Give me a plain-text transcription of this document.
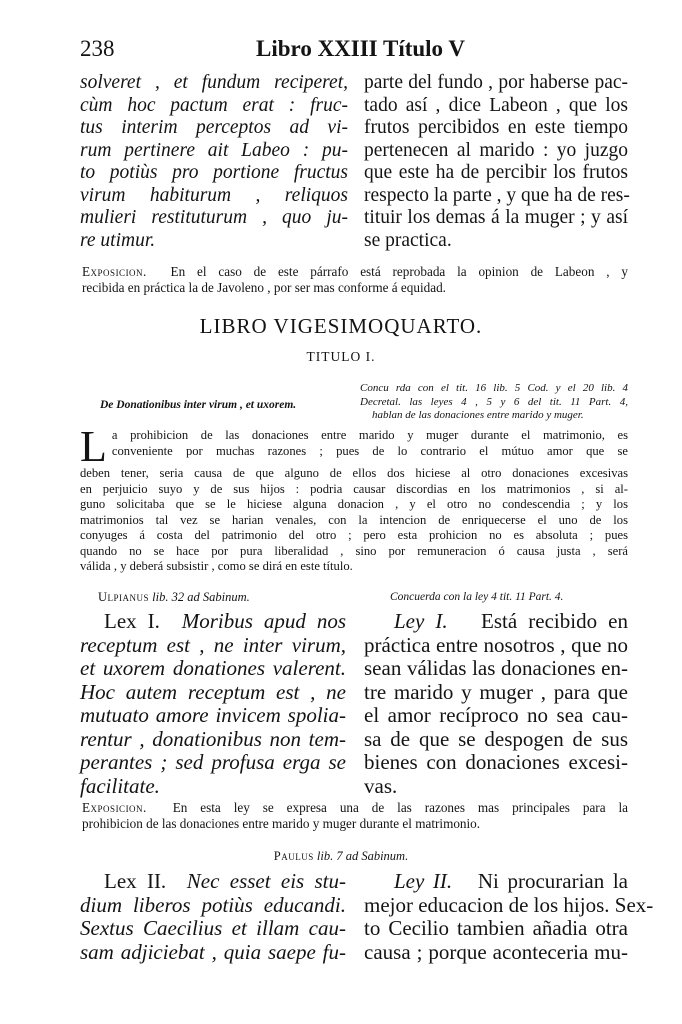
238	Libro XXIII Título V
solveret , et fundum reciperet,
cùm hoc pactum erat : fruc-
tus interim perceptos ad vi-
rum pertinere ait Labeo : pu-
to potiùs pro portione fructus
virum habiturum , reliquos
mulieri restituturum , quo ju-
re utimur.
parte del fundo , por haberse pac-
tado así , dice Labeon , que los
frutos percibidos en este tiempo
pertenecen al marido : yo juzgo
que este ha de percibir los frutos
respecto la parte , y que ha de res-
tituir los demas á la muger ; y así
se practica.
Exposicion. En el caso de este párrafo está reprobada la opinion de Labeon , y
recibida en práctica la de Javoleno , por ser mas conforme á equidad.
LIBRO VIGESIMOQUARTO.
TITULO I.
De Donationibus inter virum , et uxorem.
Concu rda con el tit. 16 lib. 5 Cod. y el 20 lib. 4
Decretal. las leyes 4 , 5 y 6 del tit. 11 Part. 4,
hablan de las donaciones entre marido y muger.
L a prohibicion de las donaciones entre marido y muger durante el matrimonio, es
conveniente por muchas razones ; pues de lo contrario el mútuo amor que se
deben tener, seria causa de que alguno de ellos dos hiciese al otro donaciones excesivas
en perjuicio suyo y de sus hijos : podria causar discordias en los matrimonios , si al-
guno solicitaba que se le hiciese alguna donacion , y el otro no condescendia ; y los
matrimonios tal vez se harian venales, con la intencion de enriquecerse el uno de los
conyuges á costa del patrimonio del otro ; pero esta prohicion no es absoluta ; pues
quando no se hace por pura liberalidad , sino por remuneracion ó causa justa , será
válida , y deberá subsistir , como se dirá en este título.
Ulpianus lib. 32 ad Sabinum.	Concuerda con la ley 4 tit. 11 Part. 4.
Lex I. Moribus apud nos
receptum est , ne inter virum,
et uxorem donationes valerent.
Hoc autem receptum est , ne
mutuato amore invicem spolia-
rentur , donationibus non tem-
perantes ; sed profusa erga se
facilitate.
Ley I. Está recibido en
práctica entre nosotros , que no
sean válidas las donaciones en-
tre marido y muger , para que
el amor recíproco no sea cau-
sa de que se despogen de sus
bienes con donaciones excesi-
vas.
Exposicion. En esta ley se expresa una de las razones mas principales para la
prohibicion de las donaciones entre marido y muger durante el matrimonio.
Paulus lib. 7 ad Sabinum.
Lex II. Nec esset eis stu-
dium liberos potiùs educandi.
Sextus Caecilius et illam cau-
sam adjiciebat , quia saepe fu-
Ley II. Ni procurarian la
mejor educacion de los hijos. Sex-
to Cecilio tambien añadia otra
causa ; porque aconteceria mu-
